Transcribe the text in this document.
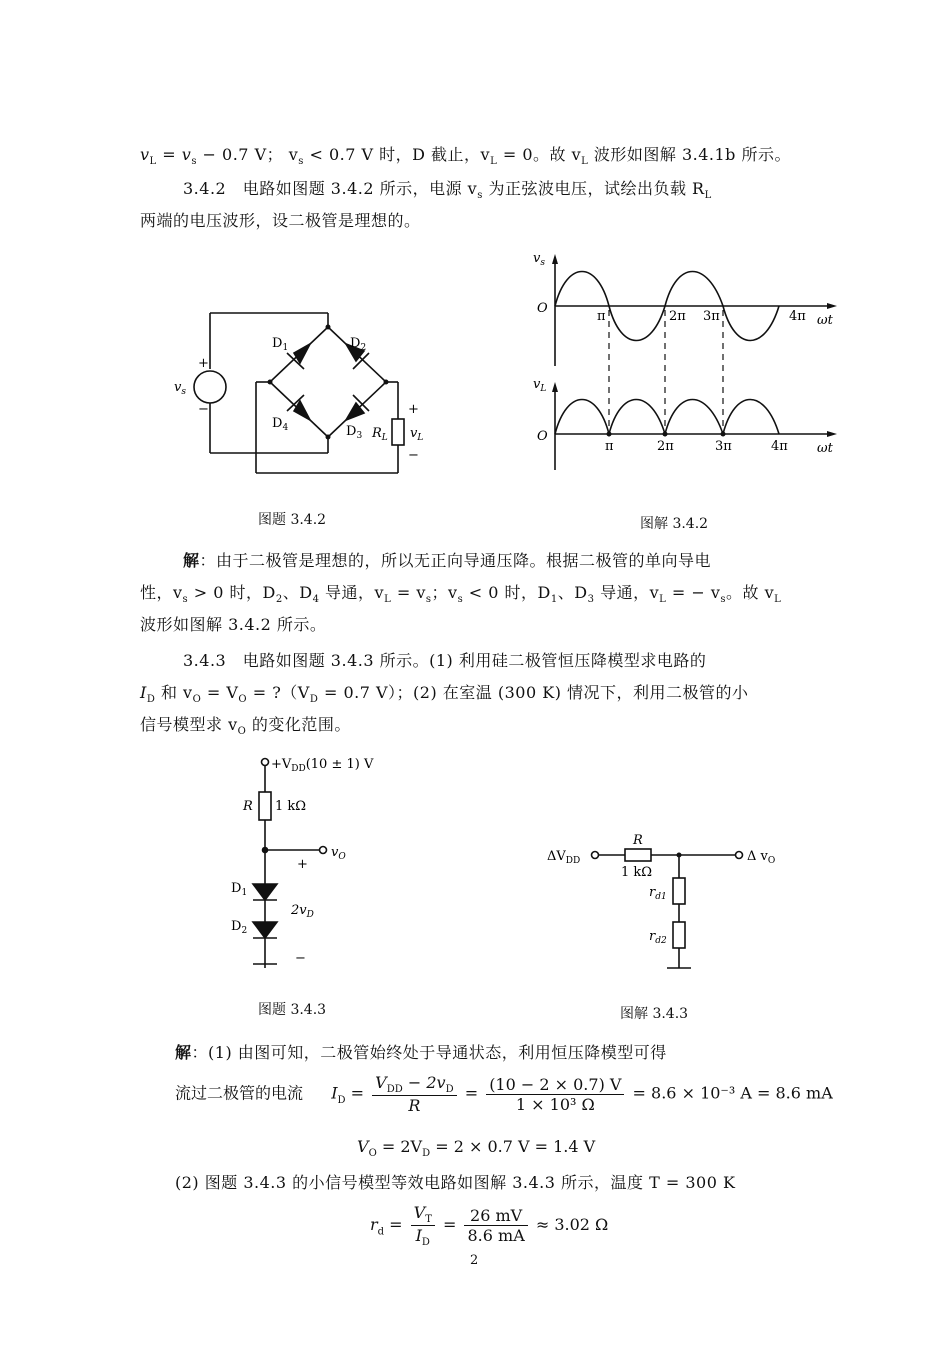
$v_L = v_s - 0.7$ V； $v_s < 0.7$ V 时，D 截止，$v_L = 0$。故 $v_L$ 波形如图解 3.4.1b 所示。
3.4.2　电路如图题 3.4.2 所示，电源 $v_s$ 为正弦波电压，试绘出负载 $R_L$
两端的电压波形，设二极管是理想的。
+
−
$v_s$
$D_1$	$D_2$
$D_3$
$D_4$	$R_L$
+
$v_L$
−
$v_s$
O
π	2π 3π	4π ωt
$v_L$
O
π	2π	3π	4π ωt
图题 3.4.2	图解 3.4.2
解：由于二极管是理想的，所以无正向导通压降。根据二极管的单向导电
性，$v_s > 0$ 时，$D_2$、$D_4$ 导通，$v_L = v_s$；$v_s < 0$ 时，$D_1$、$D_3$ 导通，$v_L$ = − $v_s$。故 $v_L$
波形如图解 3.4.2 所示。
3.4.3　电路如图题 3.4.3 所示。(1) 利用硅二极管恒压降模型求电路的
$I_D$ 和 $v_O = V_O$ = $?(V_D = 0.7$ V）；(2) 在室温 (300 K) 情况下，利用二极管的小
信号模型求 $v_O$ 的变化范围。
$+V_{DD}(10 \pm 1)$ V
R 1 kΩ
$v_O$
+
$D_1$
$D_2$
$2v_D$
−
$\Delta V_{DD}$
R
1 kΩ
Δ $v_O$
$r_{d1}$
$r_{d2}$
图题 3.4.3	图解 3.4.3
解：(1) 由图可知，二极管始终处于导通状态，利用恒压降模型可得
流过二极管的电流 $I_D = \frac{V_{DD} - 2v_D}{R} = \frac{(10 - 2 \times 0.7) V}{\text{1 × 10³ Ω}} = 8.6 \times 10^{-3}$ A = 8.6 mA
$V_O = 2V_D = 2 \times 0.7$ V = 1.4 V
(2) 图题 3.4.3 的小信号模型等效电路如图解 3.4.3 所示，温度 T = 300 K
$r_d = \frac{V_T}{I_D} = \frac{26 mV}{8.6 mA} \approx 3.02$ Ω
2
